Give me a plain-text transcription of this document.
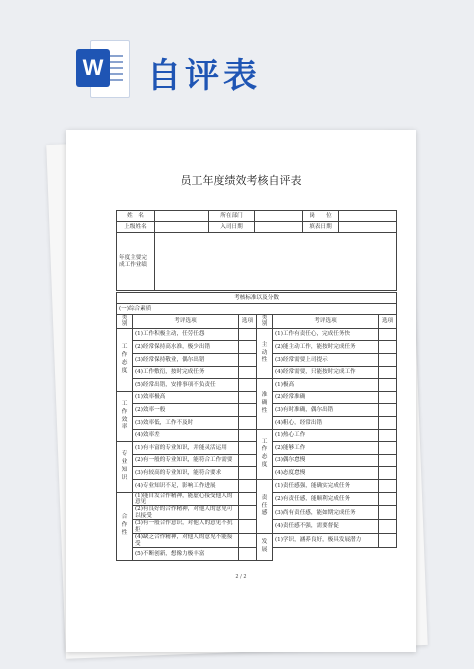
W 自评表
员工年度绩效考核自评表
姓　名		所在部门		岗　　位	
上级姓名		入司日期		填表日期	
年度主要完成工作业绩					
考核标准以及分数					
(一)综合素质					
类别	考评选项	选项	类别	考评选项	选项
工作态度	(1)工作积极主动，任劳任怨		主动性	(1)工作有责任心，完成任务快	
	(2)经常保持高水准，极少出错			(2)能主动工作，能按时完成任务	
	(3)经常保持敬业，偶尔出错			(3)经常需要上司提示	
	(4)工作敷衍，按时完成任务			(4)经常需要，只能按时完成工作	
	(5)经常出错，安排事项不负责任		准确性	(1)极高	
工作效率	(1)效率极高			(2)经常准确	
	(2)效率一般			(3)有时准确，偶尔出错	
	(3)效率低，工作不及时			(4)粗心，经常出错	
	(4)效率差		工作态度	(1)热心工作	
专业知识	(1)有丰富的专业知识，并能灵活运用			(2)能够工作	
	(2)有一般的专业知识，能符合工作需要			(3)偶尔怠慢	
	(3)有较高的专业知识，能符合要求			(4)态度怠慢	
	(4)专业知识不足，影响工作进展		责任感	(1)责任感强，能确实完成任务	
合作性	(1)能自发合作精神，能虚心接受他人的意见			(2)有责任感，能顺利完成任务	
	(2)有良好的合作精神，对他人的意见可以接受			(3)尚有责任感，能如期完成任务	
	(3)有一般合作意识，对他人的意见不抗拒			(4)责任感不强，需要督促	
	(4)缺乏合作精神，对他人的意见不能接受		发展	(1)学识，涵养良好，极具发展潜力	
	(5)不断创新，想像力极丰富				
2 / 2
